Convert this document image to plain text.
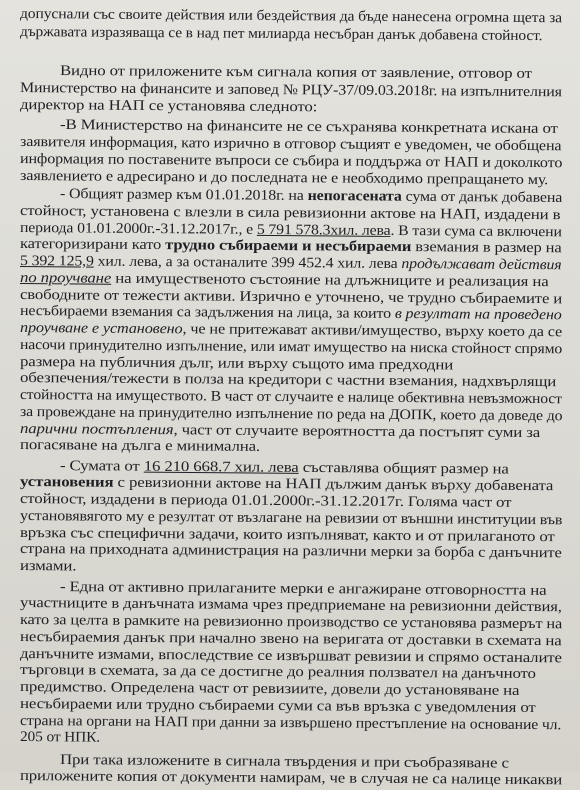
допуснали със своите действия или бездействия да бъде нанесена огромна щета за
държавата изразяваща се в над пет милиарда несъбран данък добавена стойност.
Видно от приложените към сигнала копия от заявление, отговор от
Министерство на финансите и заповед № РЦУ-37/09.03.2018г. на изпълнителния
директор на НАП се установява следното:
-В Министерство на финансите не се съхранява конкретната искана от
заявителя информация, като изрично в отговор същият е уведомен, че обобщена
информация по поставените въпроси се събира и поддържа от НАП и доколкото
заявлението е адресирано и до последната не е необходимо препращането му.
- Общият размер към 01.01.2018г. на непогасената сума от данък добавена
стойност, установена с влезли в сила ревизионни актове на НАП, издадени в
периода 01.01.2000г.-31.12.2017г., е 5 791 578.3хил. лева. В тази сума са включени
категоризирани като трудно събираеми и несъбираеми вземания в размер на
5 392 125,9 хил. лева, а за останалите 399 452.4 хил. лева продължават действия
по проучване на имущественото състояние на длъжниците и реализация на
свободните от тежести активи. Изрично е уточнено, че трудно събираемите и
несъбираеми вземания са задължения на лица, за които в резултат на проведено
проучване е установено, че не притежават активи/имущество, върху което да се
насочи принудително изпълнение, или имат имущество на ниска стойност спрямо
размера на публичния дълг, или върху същото има предходни
обезпечения/тежести в полза на кредитори с частни вземания, надхвърлящи
стойността на имуществото. В част от случаите е налице обективна невъзможност
за провеждане на принудително изпълнение по реда на ДОПК, което да доведе до
парични постъпления, част от случаите вероятността да постъпят суми за
погасяване на дълга е минимална.
- Сумата от 16 210 668.7 хил. лева съставлява общият размер на
установения с ревизионни актове на НАП дължим данък върху добавената
стойност, издадени в периода 01.01.2000г.-31.12.2017г. Голяма част от
установявягото му е резултат от възлагане на ревизии от външни институции във
връзка със специфични задачи, които изпълняват, както и от прилаганото от
страна на приходната администрация на различни мерки за борба с данъчните
измами.
- Една от активно прилаганите мерки е ангажиране отговорността на
участниците в данъчната измама чрез предприемане на ревизионни действия,
като за целта в рамките на ревизионно производство се установява размерът на
несъбираемия данък при начално звено на веригата от доставки в схемата на
данъчните измами, впоследствие се извършват ревизии и спрямо останалите
търговци в схемата, за да се достигне до реалния ползвател на данъчното
предимство. Определена част от ревизиите, довели до установяване на
несъбираеми или трудно събираеми суми са във връзка с уведомления от
страна на органи на НАП при данни за извършено престъпление на основание чл.
205 от НПК.
При така изложените в сигнала твърдения и при съобразяване с
приложените копия от документи намирам, че в случая не са налице никакви
